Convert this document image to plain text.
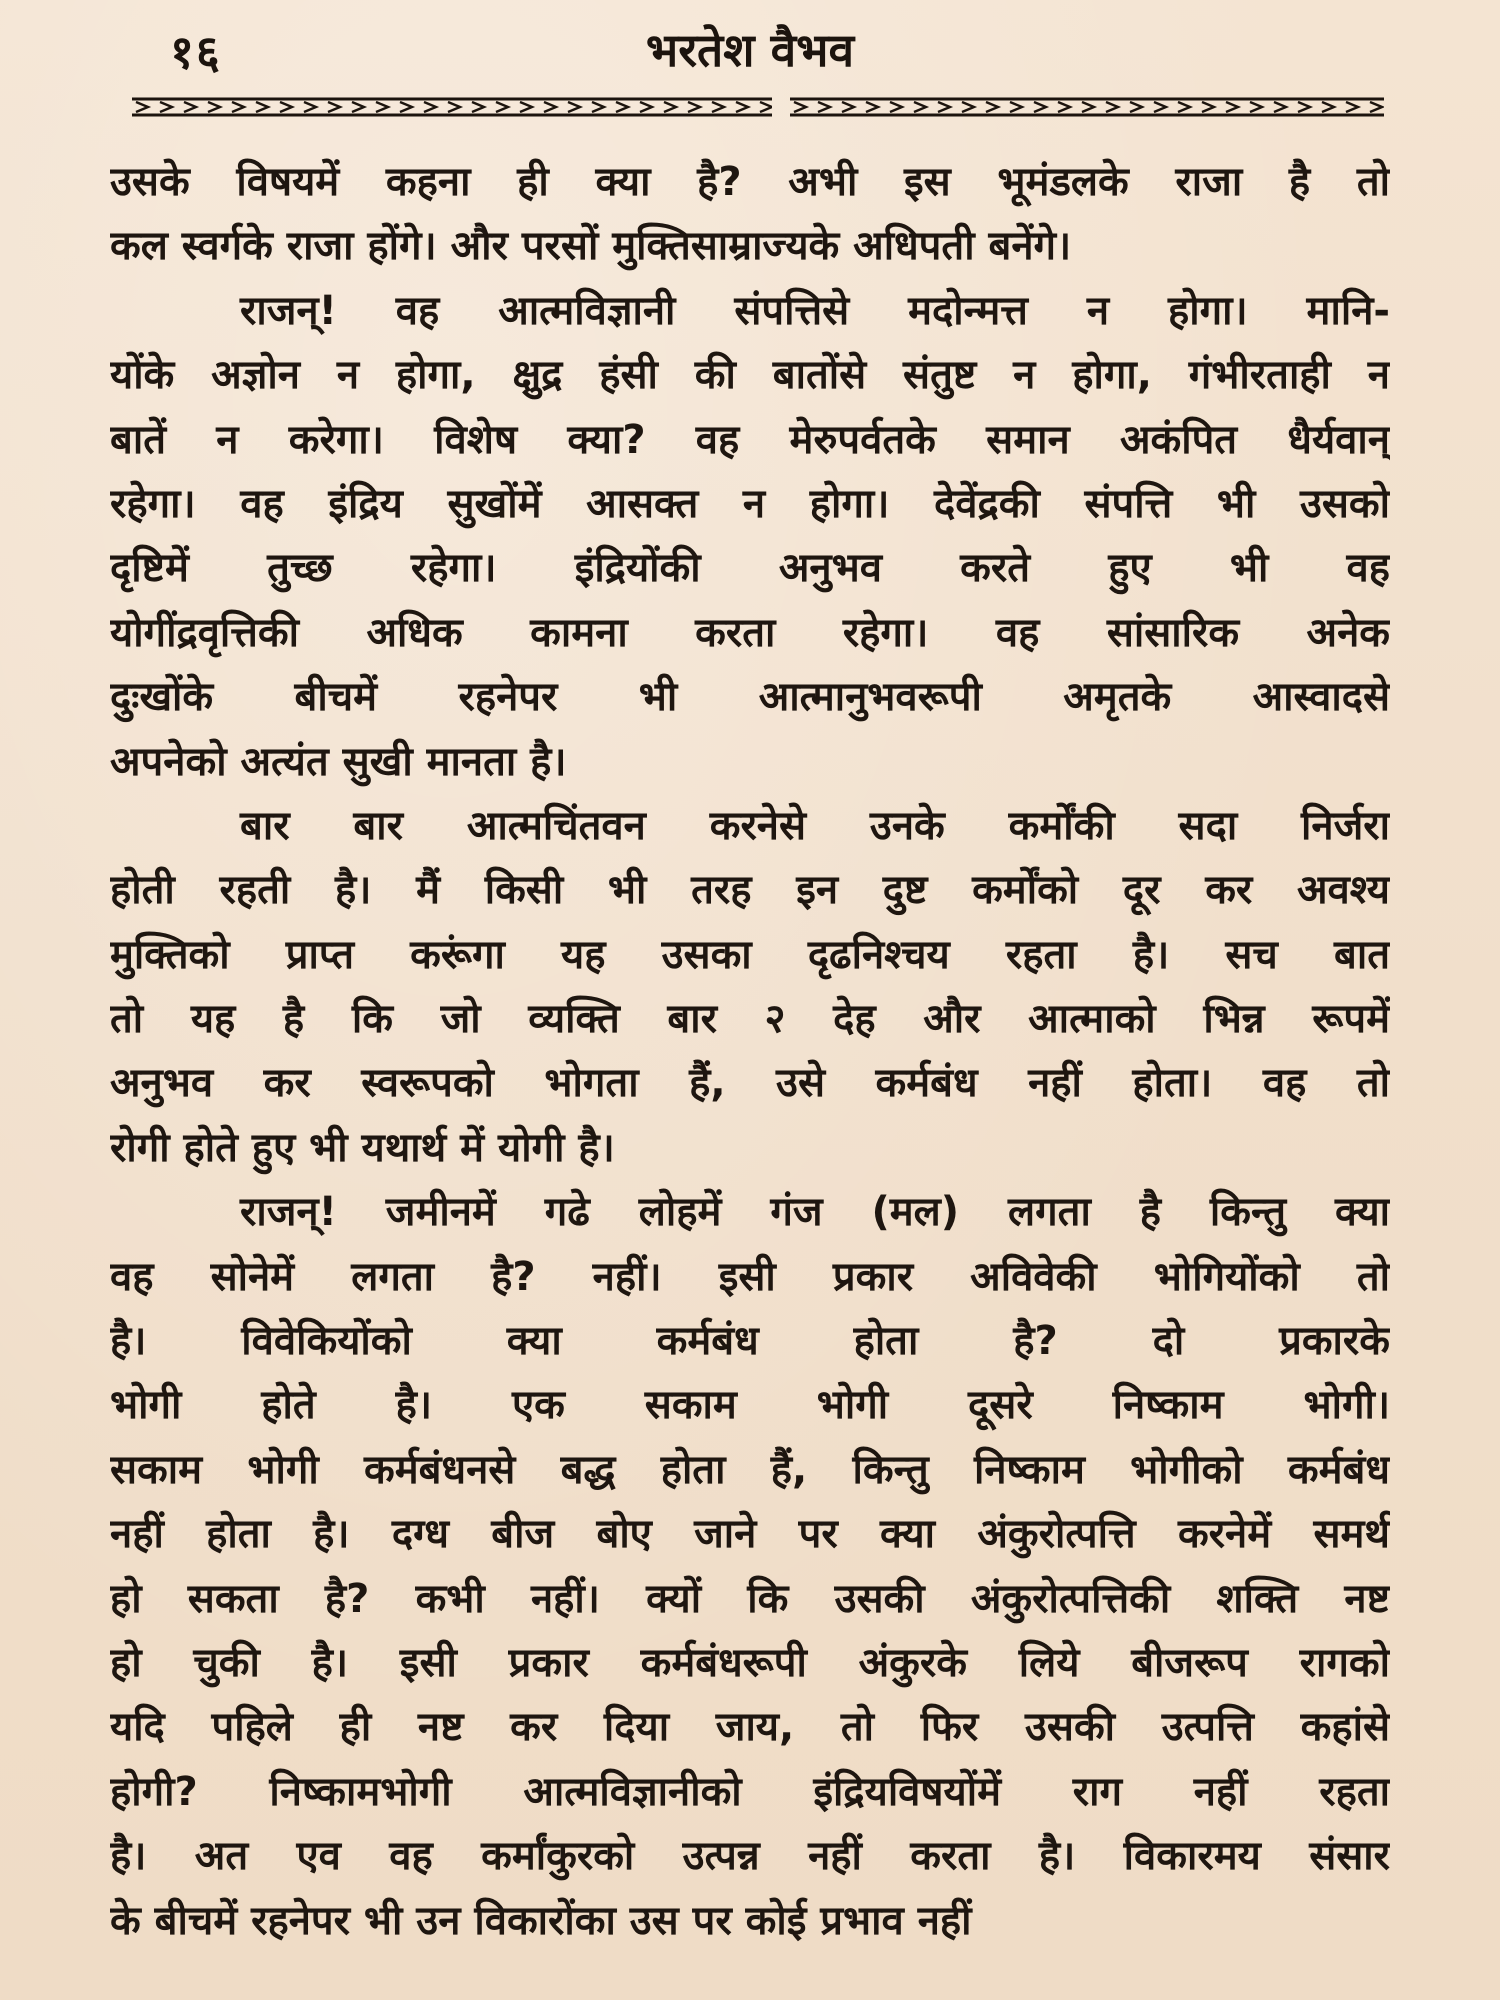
१६	भरतेश वैभव
उसके विषयमें कहना ही क्या है? अभी इस भूमंडलके राजा है तो
कल स्वर्गके राजा होंगे। और परसों मुक्तिसाम्राज्यके अधिपती बनेंगे।
राजन्! वह आत्मविज्ञानी संपत्तिसे मदोन्मत्त न होगा। मानि-
योंके अज्ञोन न होगा, क्षुद्र हंसी की बातोंसे संतुष्ट न होगा, गंभीरताही न
बातें न करेगा। विशेष क्या? वह मेरुपर्वतके समान अकंपित धैर्यवान्
रहेगा। वह इंद्रिय सुखोंमें आसक्त न होगा। देवेंद्रकी संपत्ति भी उसको
दृष्टिमें तुच्छ रहेगा। इंद्रियोंकी अनुभव करते हुए भी वह
योगींद्रवृत्तिकी अधिक कामना करता रहेगा। वह सांसारिक अनेक
दुःखोंके बीचमें रहनेपर भी आत्मानुभवरूपी अमृतके आस्वादसे
अपनेको अत्यंत सुखी मानता है।
बार बार आत्मचिंतवन करनेसे उनके कर्मोंकी सदा निर्जरा
होती रहती है। मैं किसी भी तरह इन दुष्ट कर्मोंको दूर कर अवश्य
मुक्तिको प्राप्त करूंगा यह उसका दृढनिश्चय रहता है। सच बात
तो यह है कि जो व्यक्ति बार २ देह और आत्माको भिन्न रूपमें
अनुभव कर स्वरूपको भोगता हैं, उसे कर्मबंध नहीं होता। वह तो
रोगी होते हुए भी यथार्थ में योगी है।
राजन्! जमीनमें गढे लोहमें गंज (मल) लगता है किन्तु क्या
वह सोनेमें लगता है? नहीं। इसी प्रकार अविवेकी भोगियोंको तो
है। विवेकियोंको क्या कर्मबंध होता है? दो प्रकारके
भोगी होते है। एक सकाम भोगी दूसरे निष्काम भोगी।
सकाम भोगी कर्मबंधनसे बद्ध होता हैं, किन्तु निष्काम भोगीको कर्मबंध
नहीं होता है। दग्ध बीज बोए जाने पर क्या अंकुरोत्पत्ति करनेमें समर्थ
हो सकता है? कभी नहीं। क्यों कि उसकी अंकुरोत्पत्तिकी शक्ति नष्ट
हो चुकी है। इसी प्रकार कर्मबंधरूपी अंकुरके लिये बीजरूप रागको
यदि पहिले ही नष्ट कर दिया जाय, तो फिर उसकी उत्पत्ति कहांसे
होगी? निष्कामभोगी आत्मविज्ञानीको इंद्रियविषयोंमें राग नहीं रहता
है। अत एव वह कर्मांकुरको उत्पन्न नहीं करता है। विकारमय संसार
के बीचमें रहनेपर भी उन विकारोंका उस पर कोई प्रभाव नहीं
